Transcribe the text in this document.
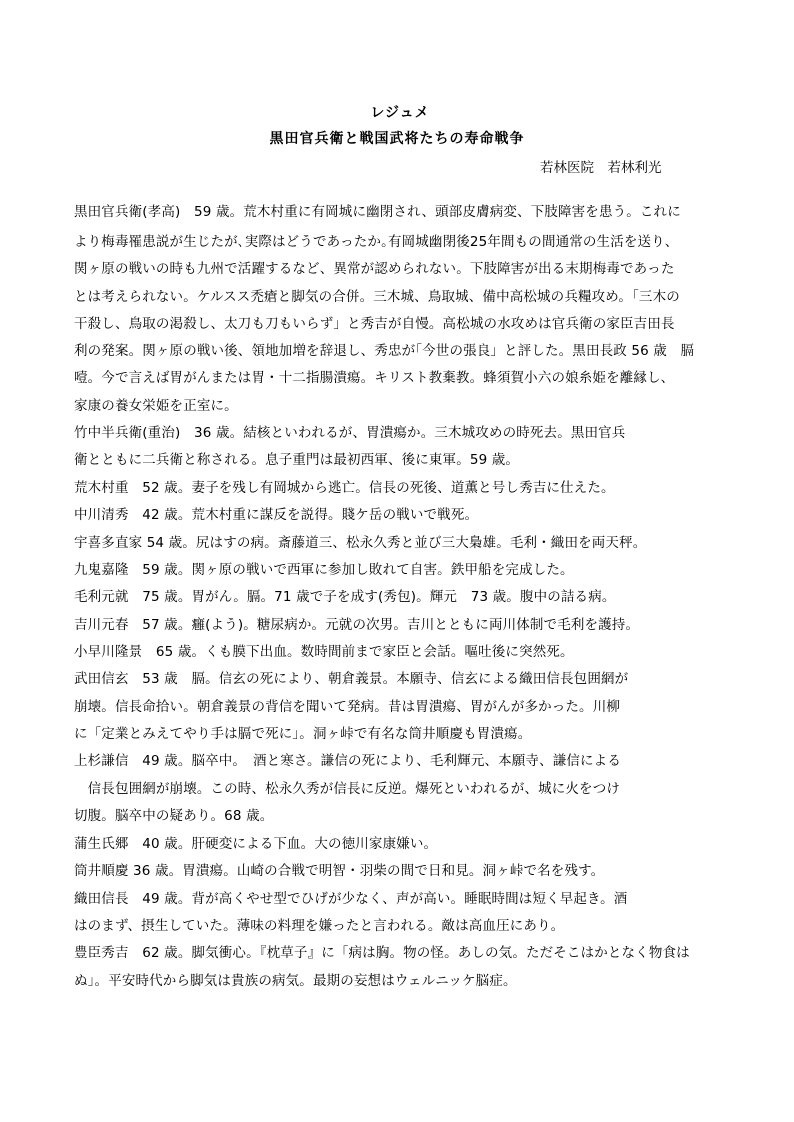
レジュメ
黒田官兵衛と戦国武将たちの寿命戦争
若林医院　若林利光
黒田官兵衛(孝高)　59 歳。荒木村重に有岡城に幽閉され、頭部皮膚病変、下肢障害を患う。これに
より梅毒罹患説が生じたが､実際はどうであったか｡有岡城幽閉後25年間もの間通常の生活を送り、
関ヶ原の戦いの時も九州で活躍するなど、異常が認められない。下肢障害が出る末期梅毒であった
とは考えられない。ケルスス禿瘡と脚気の合併。三木城、鳥取城、備中高松城の兵糧攻め。｢三木の
干殺し、鳥取の渇殺し、太刀も刀もいらず」と秀吉が自慢。高松城の水攻めは官兵衛の家臣吉田長
利の発案。関ヶ原の戦い後、領地加増を辞退し、秀忠が｢今世の張良」と評した。黒田長政 56 歳　膈
噎。今で言えば胃がんまたは胃・十二指腸潰瘍。キリスト教棄教。蜂須賀小六の娘糸姫を離縁し、
家康の養女栄姫を正室に。
竹中半兵衛(重治)　36 歳。結核といわれるが、胃潰瘍か。三木城攻めの時死去。黒田官兵
衛とともに二兵衛と称される。息子重門は最初西軍、後に東軍。59 歳。
荒木村重　52 歳。妻子を残し有岡城から逃亡。信長の死後、道薫と号し秀吉に仕えた。
中川清秀　42 歳。荒木村重に謀反を説得。賤ケ岳の戦いで戦死。
宇喜多直家 54 歳。尻はすの病。斎藤道三、松永久秀と並び三大梟雄。毛利・織田を両天秤。
九鬼嘉隆　59 歳。関ヶ原の戦いで西軍に参加し敗れて自害。鉄甲船を完成した。
毛利元就　75 歳。胃がん。膈。71 歳で子を成す(秀包)。輝元　73 歳。腹中の詰る病。
吉川元春　57 歳。癰(よう)。糖尿病か。元就の次男。吉川とともに両川体制で毛利を護持。
小早川隆景　65 歳。くも膜下出血。数時間前まで家臣と会話。嘔吐後に突然死。
武田信玄　53 歳　膈。信玄の死により、朝倉義景。本願寺、信玄による織田信長包囲網が
崩壊。信長命拾い。朝倉義景の背信を聞いて発病。昔は胃潰瘍、胃がんが多かった。川柳
に「定業とみえてやり手は膈で死に」。洞ヶ峠で有名な筒井順慶も胃潰瘍。
上杉謙信　49 歳。脳卒中。　酒と寒さ。謙信の死により、毛利輝元、本願寺、謙信による
　信長包囲網が崩壊。この時、松永久秀が信長に反逆。爆死といわれるが、城に火をつけ
切腹。脳卒中の疑あり。68 歳。
蒲生氏郷　40 歳。肝硬変による下血。大の徳川家康嫌い。
筒井順慶 36 歳。胃潰瘍。山崎の合戦で明智・羽柴の間で日和見。洞ヶ峠で名を残す。
織田信長　49 歳。背が高くやせ型でひげが少なく、声が高い。睡眠時間は短く早起き。酒
はのまず、摂生していた。薄味の料理を嫌ったと言われる。敵は高血圧にあり。
豊臣秀吉　62 歳。脚気衝心。『枕草子』に「病は胸。物の怪。あしの気。ただそこはかとなく物食は
ぬ」。平安時代から脚気は貴族の病気。最期の妄想はウェルニッケ脳症。
